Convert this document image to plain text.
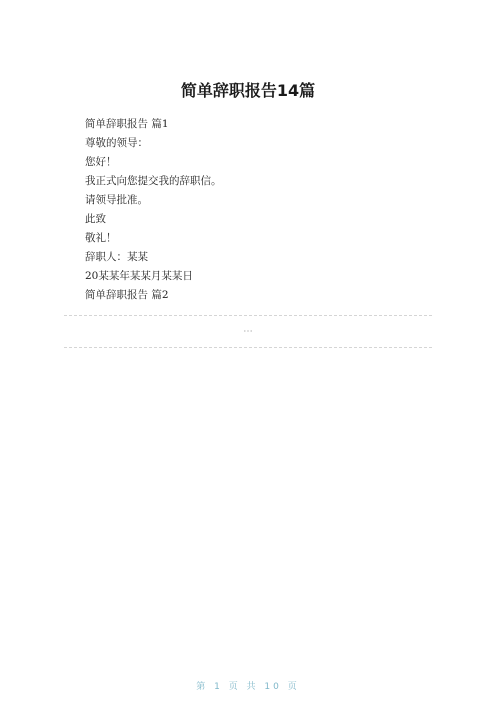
简单辞职报告14篇

简单辞职报告 篇1

尊敬的领导：

您好！

我正式向您提交我的辞职信。

请领导批准。

此致

敬礼！

辞职人：某某

20某某年某某月某某日

简单辞职报告 篇2

⋯
第 1 页 共 10 页
